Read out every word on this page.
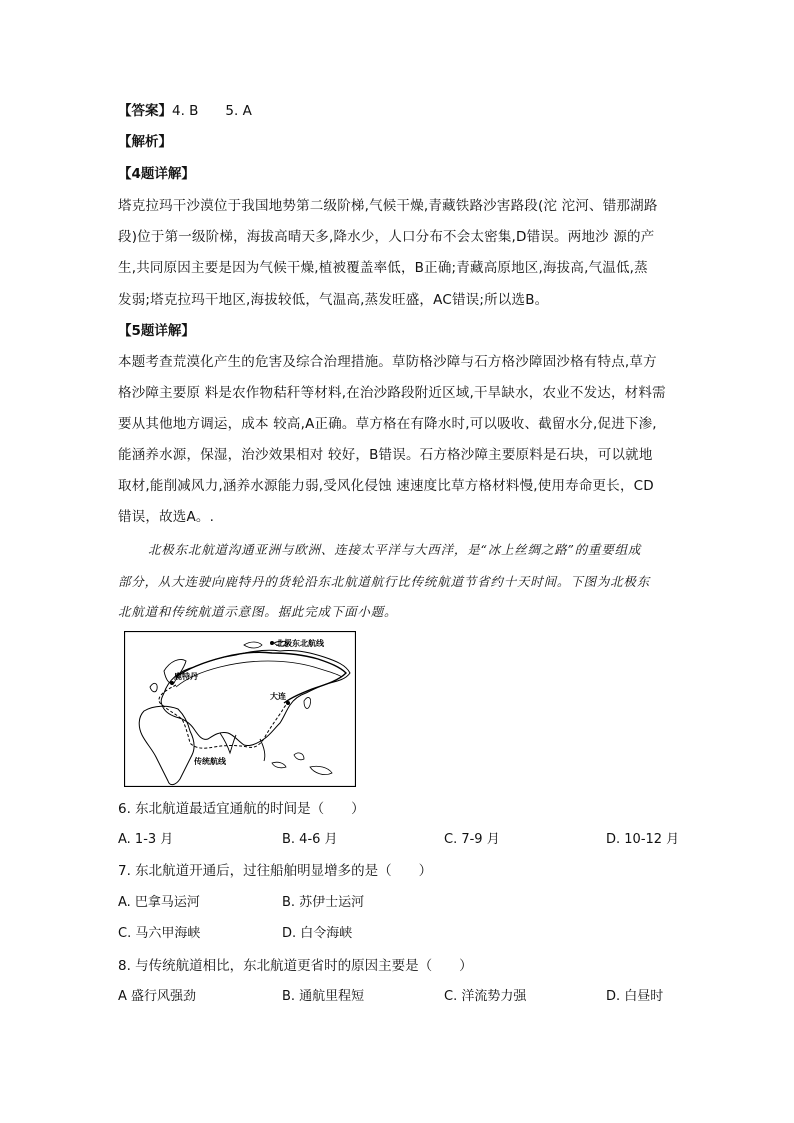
【答案】4. B　　5. A
【解析】
【4题详解】
塔克拉玛干沙漠位于我国地势第二级阶梯,气候干燥,青藏铁路沙害路段(沱 沱河、错那湖路
段)位于第一级阶梯，海拔高晴天多,降水少，人口分布不会太密集,D错误。两地沙 源的产
生,共同原因主要是因为气候干燥,植被覆盖率低，B正确;青藏高原地区,海拔高,气温低,蒸
发弱;塔克拉玛干地区,海拔较低，气温高,蒸发旺盛，AC错误;所以选B。
【5题详解】
本题考查荒漠化产生的危害及综合治理措施。草防格沙障与石方格沙障固沙格有特点,草方
格沙障主要原 料是农作物秸秆等材料,在治沙路段附近区域,干旱缺水，农业不发达，材料需
要从其他地方调运，成本 较高,A正确。草方格在有降水时,可以吸收、截留水分,促进下渗,
能涵养水源，保湿，治沙效果相对 较好，B错误。石方格沙障主要原料是石块，可以就地
取材,能削减风力,涵养水源能力弱,受风化侵蚀 速速度比草方格材料慢,使用寿命更长，CD
错误，故选A。.
北极东北航道沟通亚洲与欧洲、连接太平洋与大西洋，是“冰上丝绸之路”的重要组成
部分，从大连驶向鹿特丹的货轮沿东北航道航行比传统航道节省约十天时间。下图为北极东
北航道和传统航道示意图。据此完成下面小题。
北极东北航线
鹿特丹
大连
传统航线
6. 东北航道最适宜通航的时间是（　　）
A. 1-3 月	B. 4-6 月	C. 7-9 月	D. 10-12 月
7. 东北航道开通后，过往船舶明显增多的是（　　）
A. 巴拿马运河	B. 苏伊士运河
C. 马六甲海峡	D. 白令海峡
8. 与传统航道相比，东北航道更省时的原因主要是（　　）
A 盛行风强劲	B. 通航里程短	C. 洋流势力强	D. 白昼时
